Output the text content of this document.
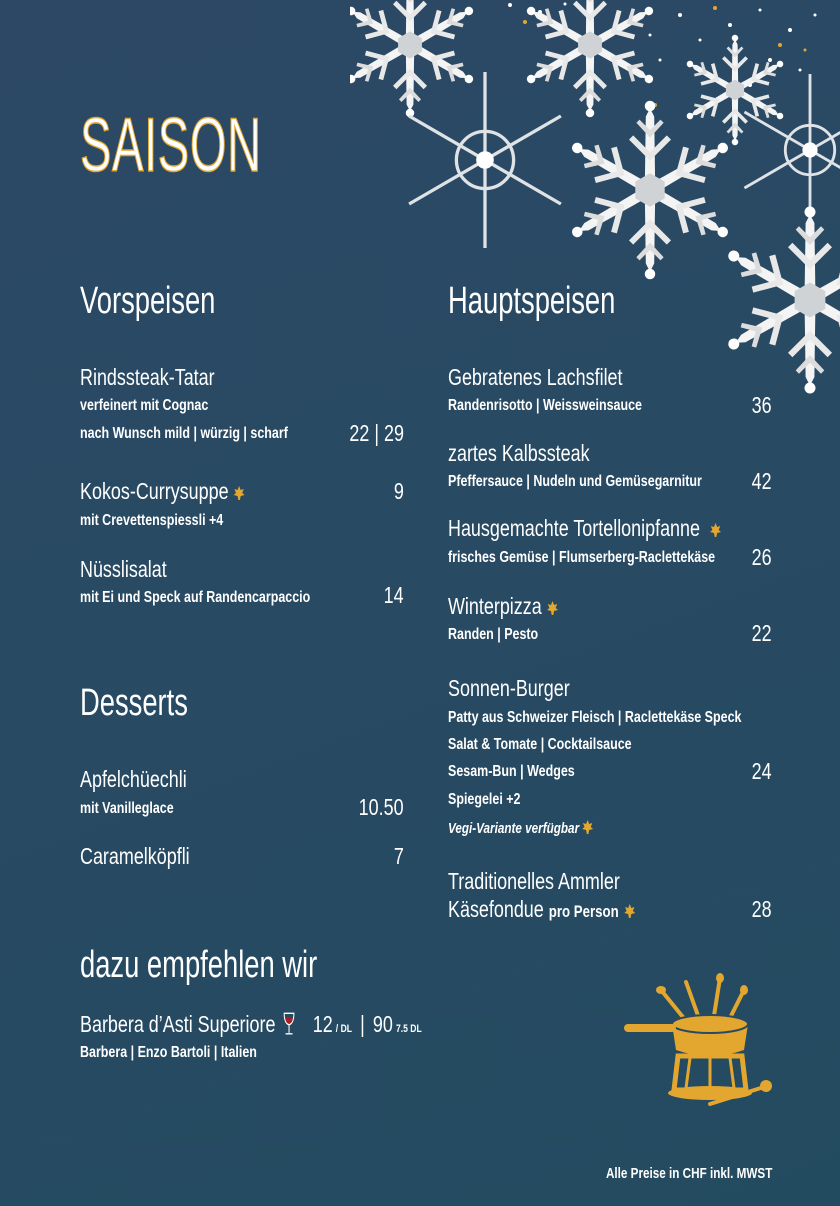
SAISON
Vorspeisen
Rindssteak-Tatar
verfeinert mit Cognac
nach Wunsch mild | würzig | scharf	22 | 29
Kokos-Currysuppe	9
mit Crevettenspiessli +4
Nüsslisalat
mit Ei und Speck auf Randencarpaccio	14
Desserts
Apfelchüechli
mit Vanilleglace	10.50
Caramelköpfli	7
dazu empfehlen wir
Barbera d’Asti Superiore 12 / DL | 90 7.5 DL
Barbera | Enzo Bartoli | Italien
Hauptspeisen
Gebratenes Lachsfilet
Randenrisotto | Weissweinsauce	36
zartes Kalbssteak
Pfeffersauce | Nudeln und Gemüsegarnitur 42
Hausgemachte Tortellonipfanne
frisches Gemüse | Flumserberg-Raclettekäse 26
Winterpizza
Randen | Pesto	22
Sonnen-Burger
Patty aus Schweizer Fleisch | Raclettekäse Speck
Salat & Tomate | Cocktailsauce
Sesam-Bun | Wedges	24
Spiegelei +2
Vegi-Variante verfügbar
Traditionelles Ammler
Käsefondue pro Person	28
Alle Preise in CHF inkl. MWST
